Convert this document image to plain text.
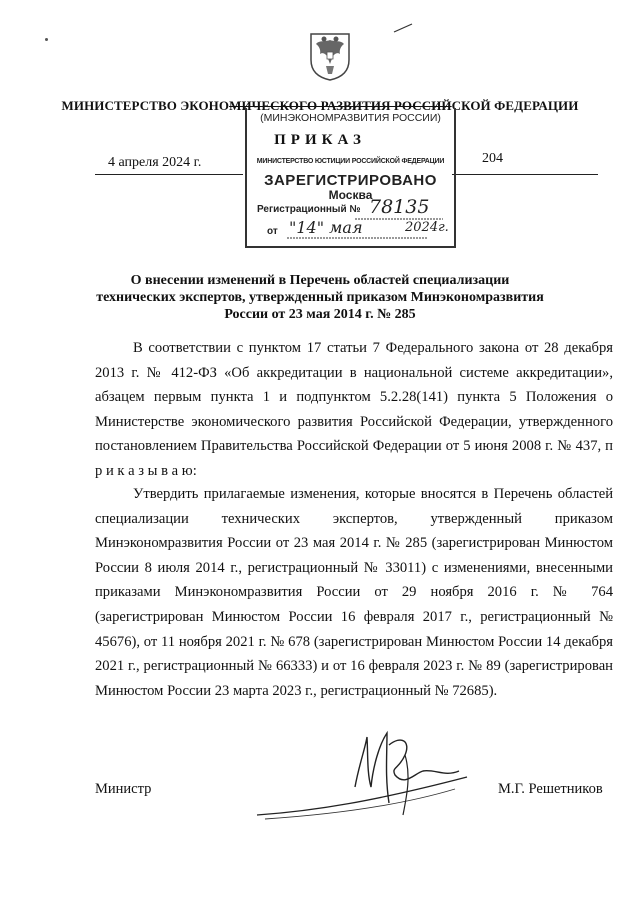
МИНИСТЕРСТВО ЭКОНОМИЧЕСКОГО РАЗВИТИЯ РОССИЙСКОЙ ФЕДЕРАЦИИ
ПРИКАЗ
4 апреля 2024 г.	204
(МИНЭКОНОМРАЗВИТИЯ РОССИИ)
МИНИСТЕРСТВО ЮСТИЦИИ РОССИЙСКОЙ ФЕДЕРАЦИИ
ЗАРЕГИСТРИРОВАНО
Москва
Регистрационный № 78135
от "14" мая	2024г.
О внесении изменений в Перечень областей специализации технических экспертов, утвержденный приказом Минэкономразвития России от 23 мая 2014 г. № 285
В соответствии с пунктом 17 статьи 7 Федерального закона от 28 декабря 2013 г. № 412-ФЗ «Об аккредитации в национальной системе аккредитации», абзацем первым пункта 1 и подпунктом 5.2.28(141) пункта 5 Положения о Министерстве экономического развития Российской Федерации, утвержденного постановлением Правительства Российской Федерации от 5 июня 2008 г. № 437, п р и к а з ы в а ю:
Утвердить прилагаемые изменения, которые вносятся в Перечень областей специализации технических экспертов, утвержденный приказом Минэкономразвития России от 23 мая 2014 г. № 285 (зарегистрирован Минюстом России 8 июля 2014 г., регистрационный № 33011) с изменениями, внесенными приказами Минэкономразвития России от 29 ноября 2016 г. № 764 (зарегистрирован Минюстом России 16 февраля 2017 г., регистрационный № 45676), от 11 ноября 2021 г. № 678 (зарегистрирован Минюстом России 14 декабря 2021 г., регистрационный № 66333) и от 16 февраля 2023 г. № 89 (зарегистрирован Минюстом России 23 марта 2023 г., регистрационный № 72685).
Министр	М.Г. Решетников
